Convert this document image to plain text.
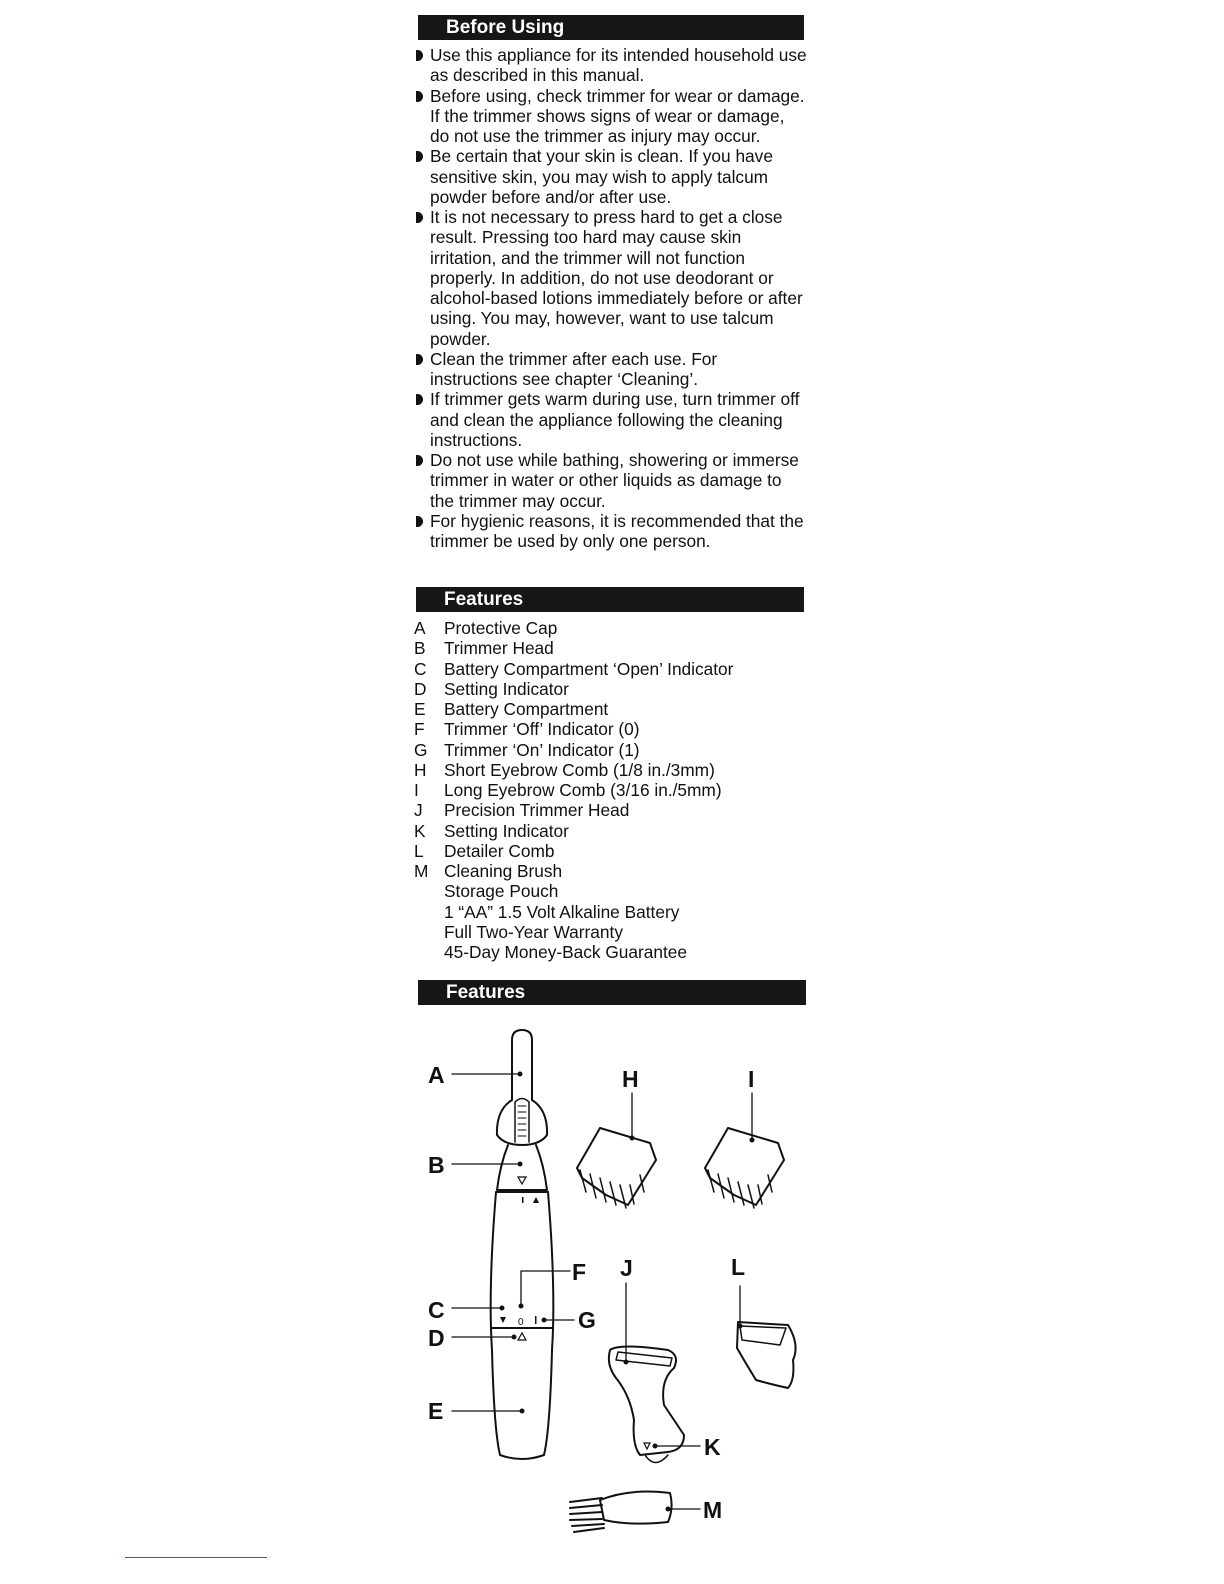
Before Using
Use this appliance for its intended household use as described in this manual.
Before using, check trimmer for wear or damage. If the trimmer shows signs of wear or damage, do not use the trimmer as injury may occur.
Be certain that your skin is clean. If you have sensitive skin, you may wish to apply talcum powder before and/or after use.
It is not necessary to press hard to get a close result. Pressing too hard may cause skin irritation, and the trimmer will not function properly. In addition, do not use deodorant or alcohol-based lotions immediately before or after using. You may, however, want to use talcum powder.
Clean the trimmer after each use. For instructions see chapter ‘Cleaning’.
If trimmer gets warm during use, turn trimmer off and clean the appliance following the cleaning instructions.
Do not use while bathing, showering or immerse trimmer in water or other liquids as damage to the trimmer may occur.
For hygienic reasons, it is recommended that the trimmer be used by only one person.
Features
A	Protective Cap
B	Trimmer Head
C	Battery Compartment ‘Open’ Indicator
D	Setting Indicator
E	Battery Compartment
F	Trimmer ‘Off’ Indicator (0)
G Trimmer ‘On’ Indicator (1)
H	Short Eyebrow Comb (1/8 in./3mm)
I	Long Eyebrow Comb (3/16 in./5mm)
J	Precision Trimmer Head
K	Setting Indicator
L	Detailer Comb
M Cleaning Brush
Storage Pouch
1 “AA” 1.5 Volt Alkaline Battery
Full Two-Year Warranty
45-Day Money-Back Guarantee
Features
0
A
B
C
D
E
F
G
H	I
J	L
K
M
